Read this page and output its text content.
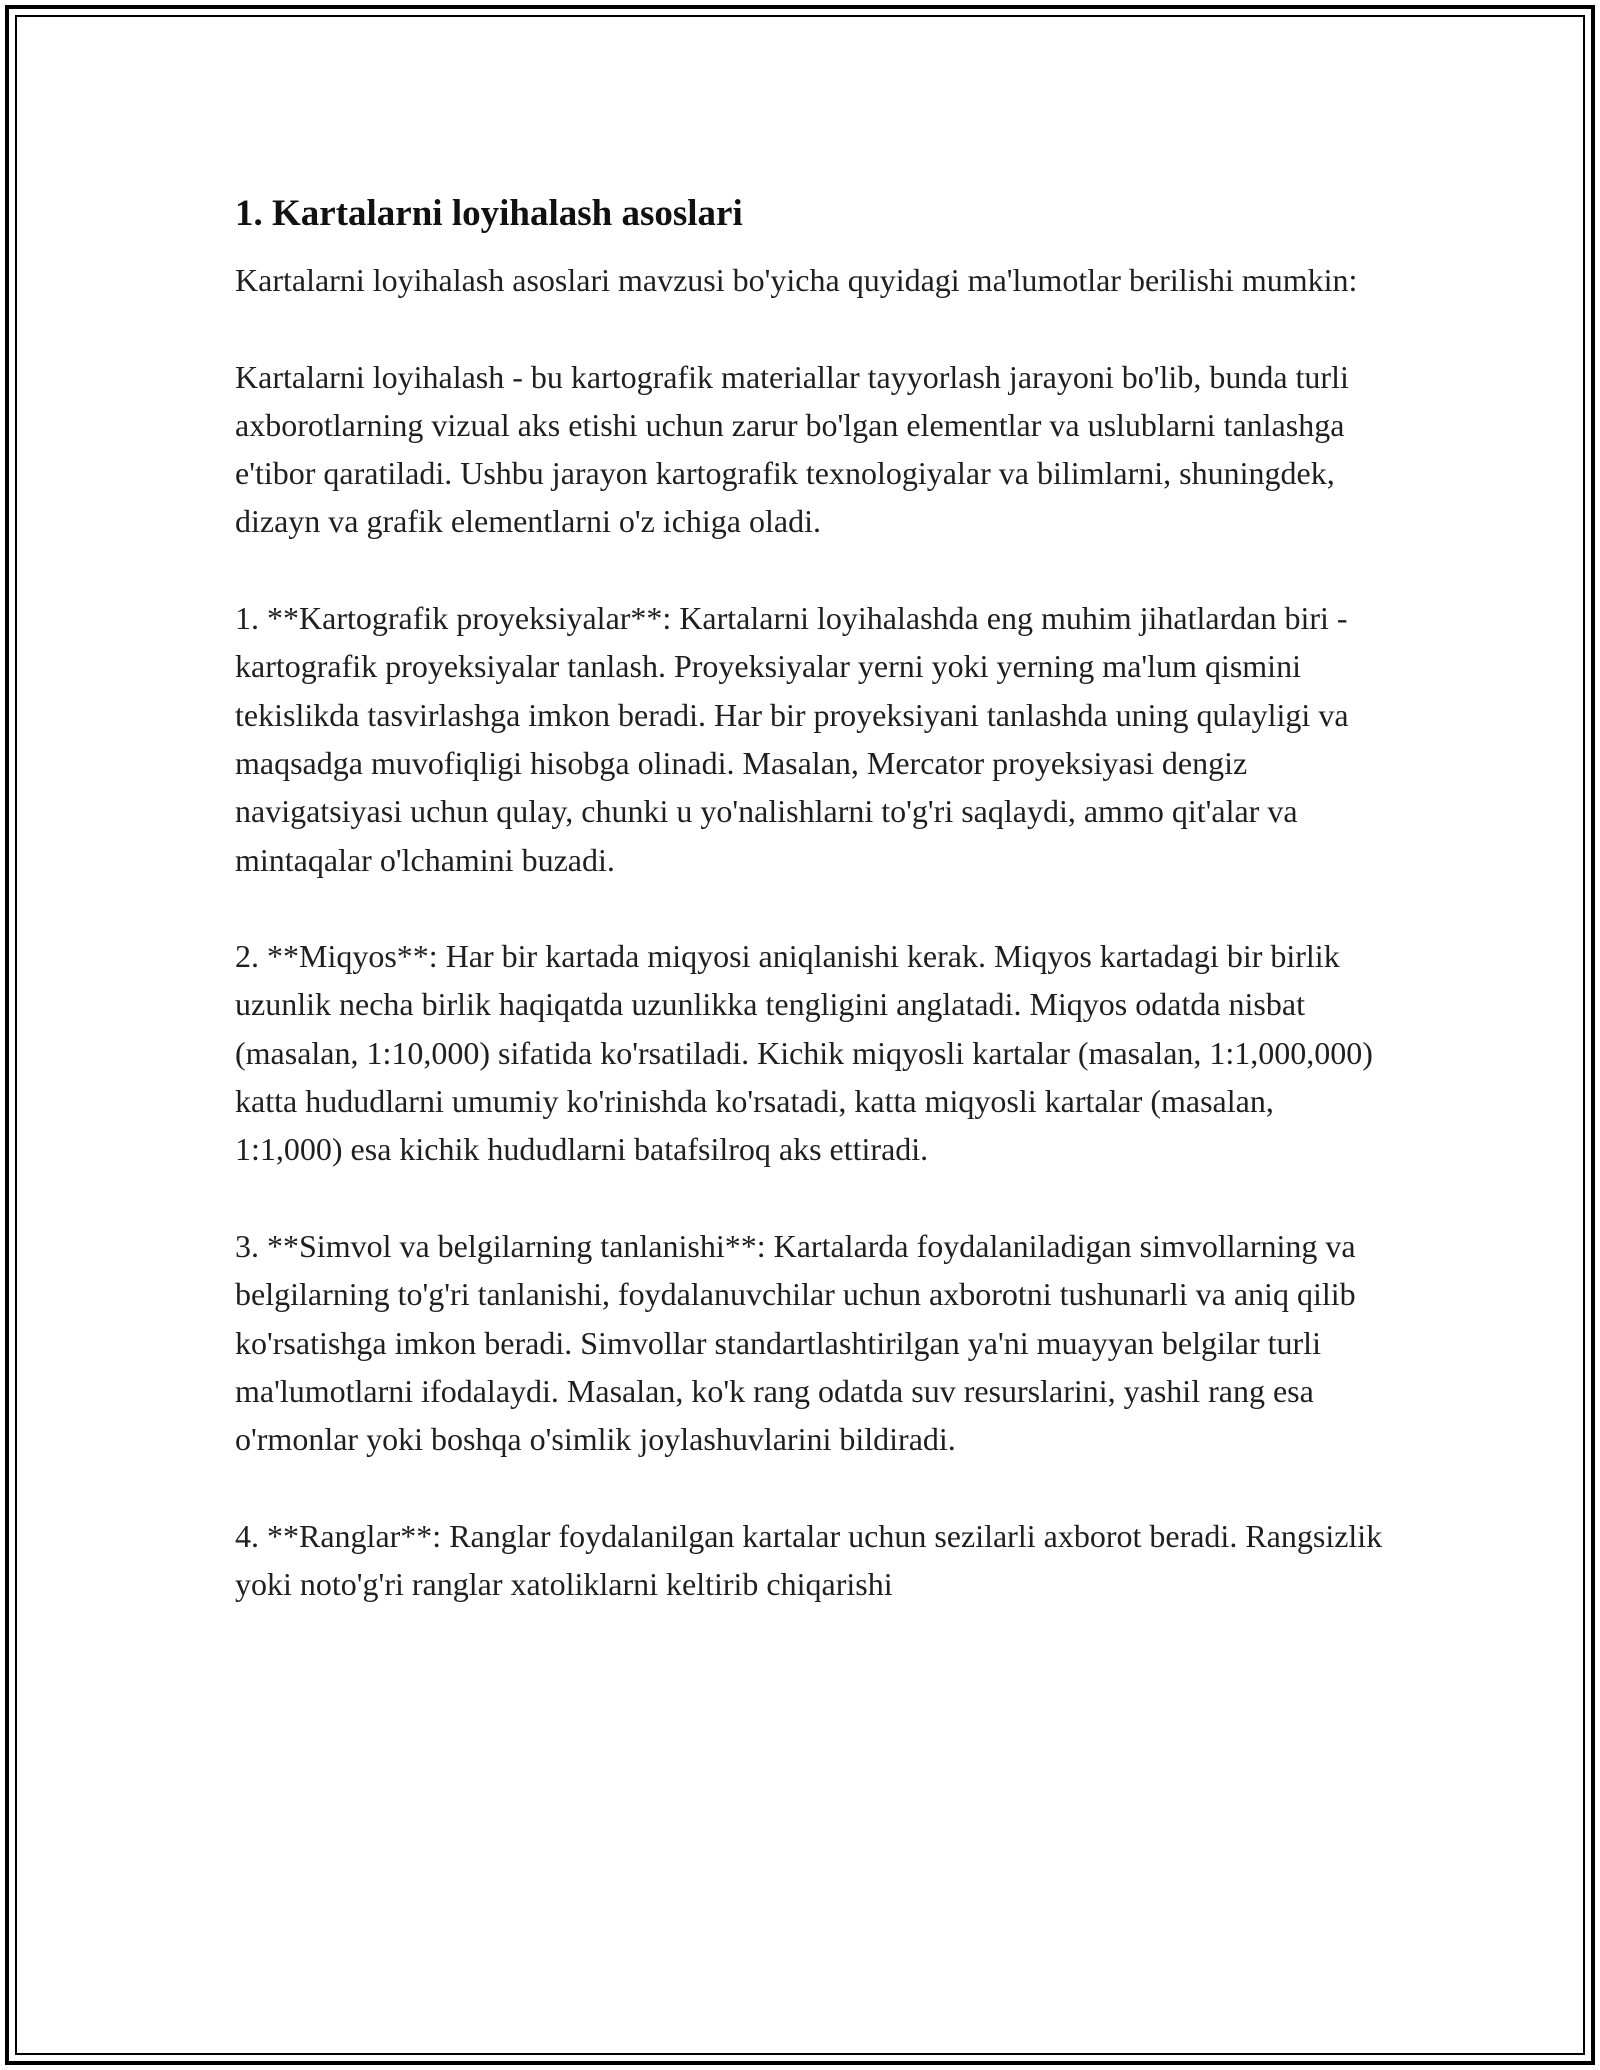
1. Kartalarni loyihalash asoslari

Kartalarni loyihalash asoslari mavzusi bo'yicha quyidagi ma'lumotlar berilishi mumkin:

Kartalarni loyihalash - bu kartografik materiallar tayyorlash jarayoni bo'lib, bunda turli axborotlarning vizual aks etishi uchun zarur bo'lgan elementlar va uslublarni tanlashga e'tibor qaratiladi. Ushbu jarayon kartografik texnologiyalar va bilimlarni, shuningdek, dizayn va grafik elementlarni o'z ichiga oladi.

1. **Kartografik proyeksiyalar**: Kartalarni loyihalashda eng muhim jihatlardan biri - kartografik proyeksiyalar tanlash. Proyeksiyalar yerni yoki yerning ma'lum qismini tekislikda tasvirlashga imkon beradi. Har bir proyeksiyani tanlashda uning qulayligi va maqsadga muvofiqligi hisobga olinadi. Masalan, Mercator proyeksiyasi dengiz navigatsiyasi uchun qulay, chunki u yo'nalishlarni to'g'ri saqlaydi, ammo qit'alar va mintaqalar o'lchamini buzadi.

2. **Miqyos**: Har bir kartada miqyosi aniqlanishi kerak. Miqyos kartadagi bir birlik uzunlik necha birlik haqiqatda uzunlikka tengligini anglatadi. Miqyos odatda nisbat (masalan, 1:10,000) sifatida ko'rsatiladi. Kichik miqyosli kartalar (masalan, 1:1,000,000) katta hududlarni umumiy ko'rinishda ko'rsatadi, katta miqyosli kartalar (masalan, 1:1,000) esa kichik hududlarni batafsilroq aks ettiradi.

3. **Simvol va belgilarning tanlanishi**: Kartalarda foydalaniladigan simvollarning va belgilarning to'g'ri tanlanishi, foydalanuvchilar uchun axborotni tushunarli va aniq qilib ko'rsatishga imkon beradi. Simvollar standartlashtirilgan ya'ni muayyan belgilar turli ma'lumotlarni ifodalaydi. Masalan, ko'k rang odatda suv resurslarini, yashil rang esa o'rmonlar yoki boshqa o'simlik joylashuvlarini bildiradi.

4. **Ranglar**: Ranglar foydalanilgan kartalar uchun sezilarli axborot beradi. Rangsizlik yoki noto'g'ri ranglar xatoliklarni keltirib chiqarishi
